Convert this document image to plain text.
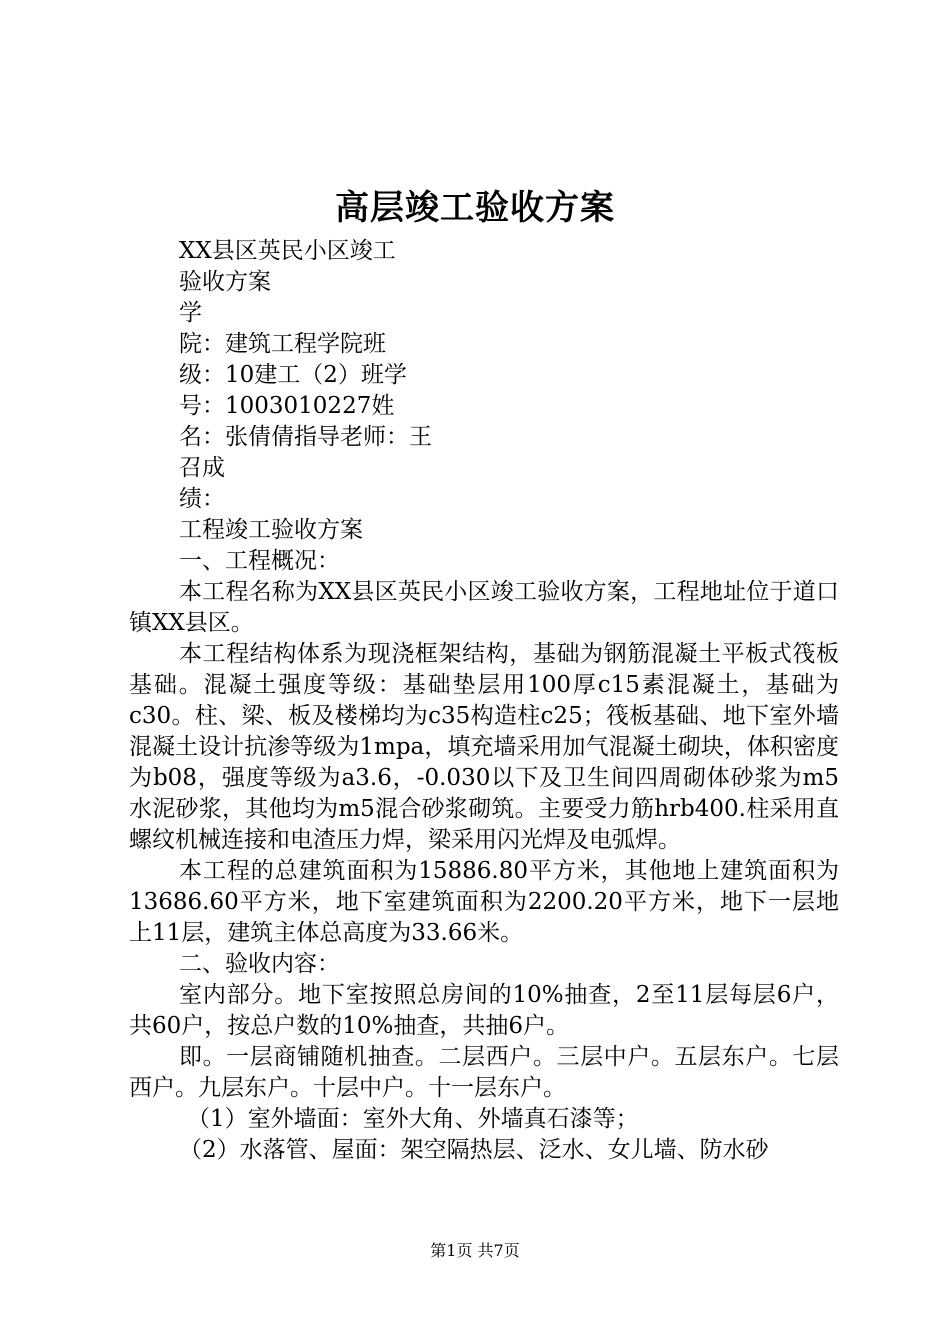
高层竣工验收方案
XX县区英民小区竣工
验收方案
学
院：建筑工程学院班
级：10建工（2）班学
号：1003010227姓
名：张倩倩指导老师：王
召成
绩：
工程竣工验收方案
一、工程概况：

本工程名称为XX县区英民小区竣工验收方案，工程地址位于道口镇XX县区。

本工程结构体系为现浇框架结构，基础为钢筋混凝土平板式筏板基础。混凝土强度等级：基础垫层用100厚c15素混凝土，基础为c30。柱、梁、板及楼梯均为c35构造柱c25；筏板基础、地下室外墙混凝土设计抗渗等级为1mpa，填充墙采用加气混凝土砌块，体积密度为b08，强度等级为a3.6，-0.030以下及卫生间四周砌体砂浆为m5水泥砂浆，其他均为m5混合砂浆砌筑。主要受力筋hrb400.柱采用直螺纹机械连接和电渣压力焊，梁采用闪光焊及电弧焊。

本工程的总建筑面积为15886.80平方米，其他地上建筑面积为13686.60平方米，地下室建筑面积为2200.20平方米，地下一层地上11层，建筑主体总高度为33.66米。

二、验收内容：

室内部分。地下室按照总房间的10%抽查，2至11层每层6户，共60户，按总户数的10%抽查，共抽6户。

即。一层商铺随机抽查。二层西户。三层中户。五层东户。七层西户。九层东户。十层中户。十一层东户。

（1）室外墙面：室外大角、外墙真石漆等；
（2）水落管、屋面：架空隔热层、泛水、女儿墙、防水砂
第1页 共7页
